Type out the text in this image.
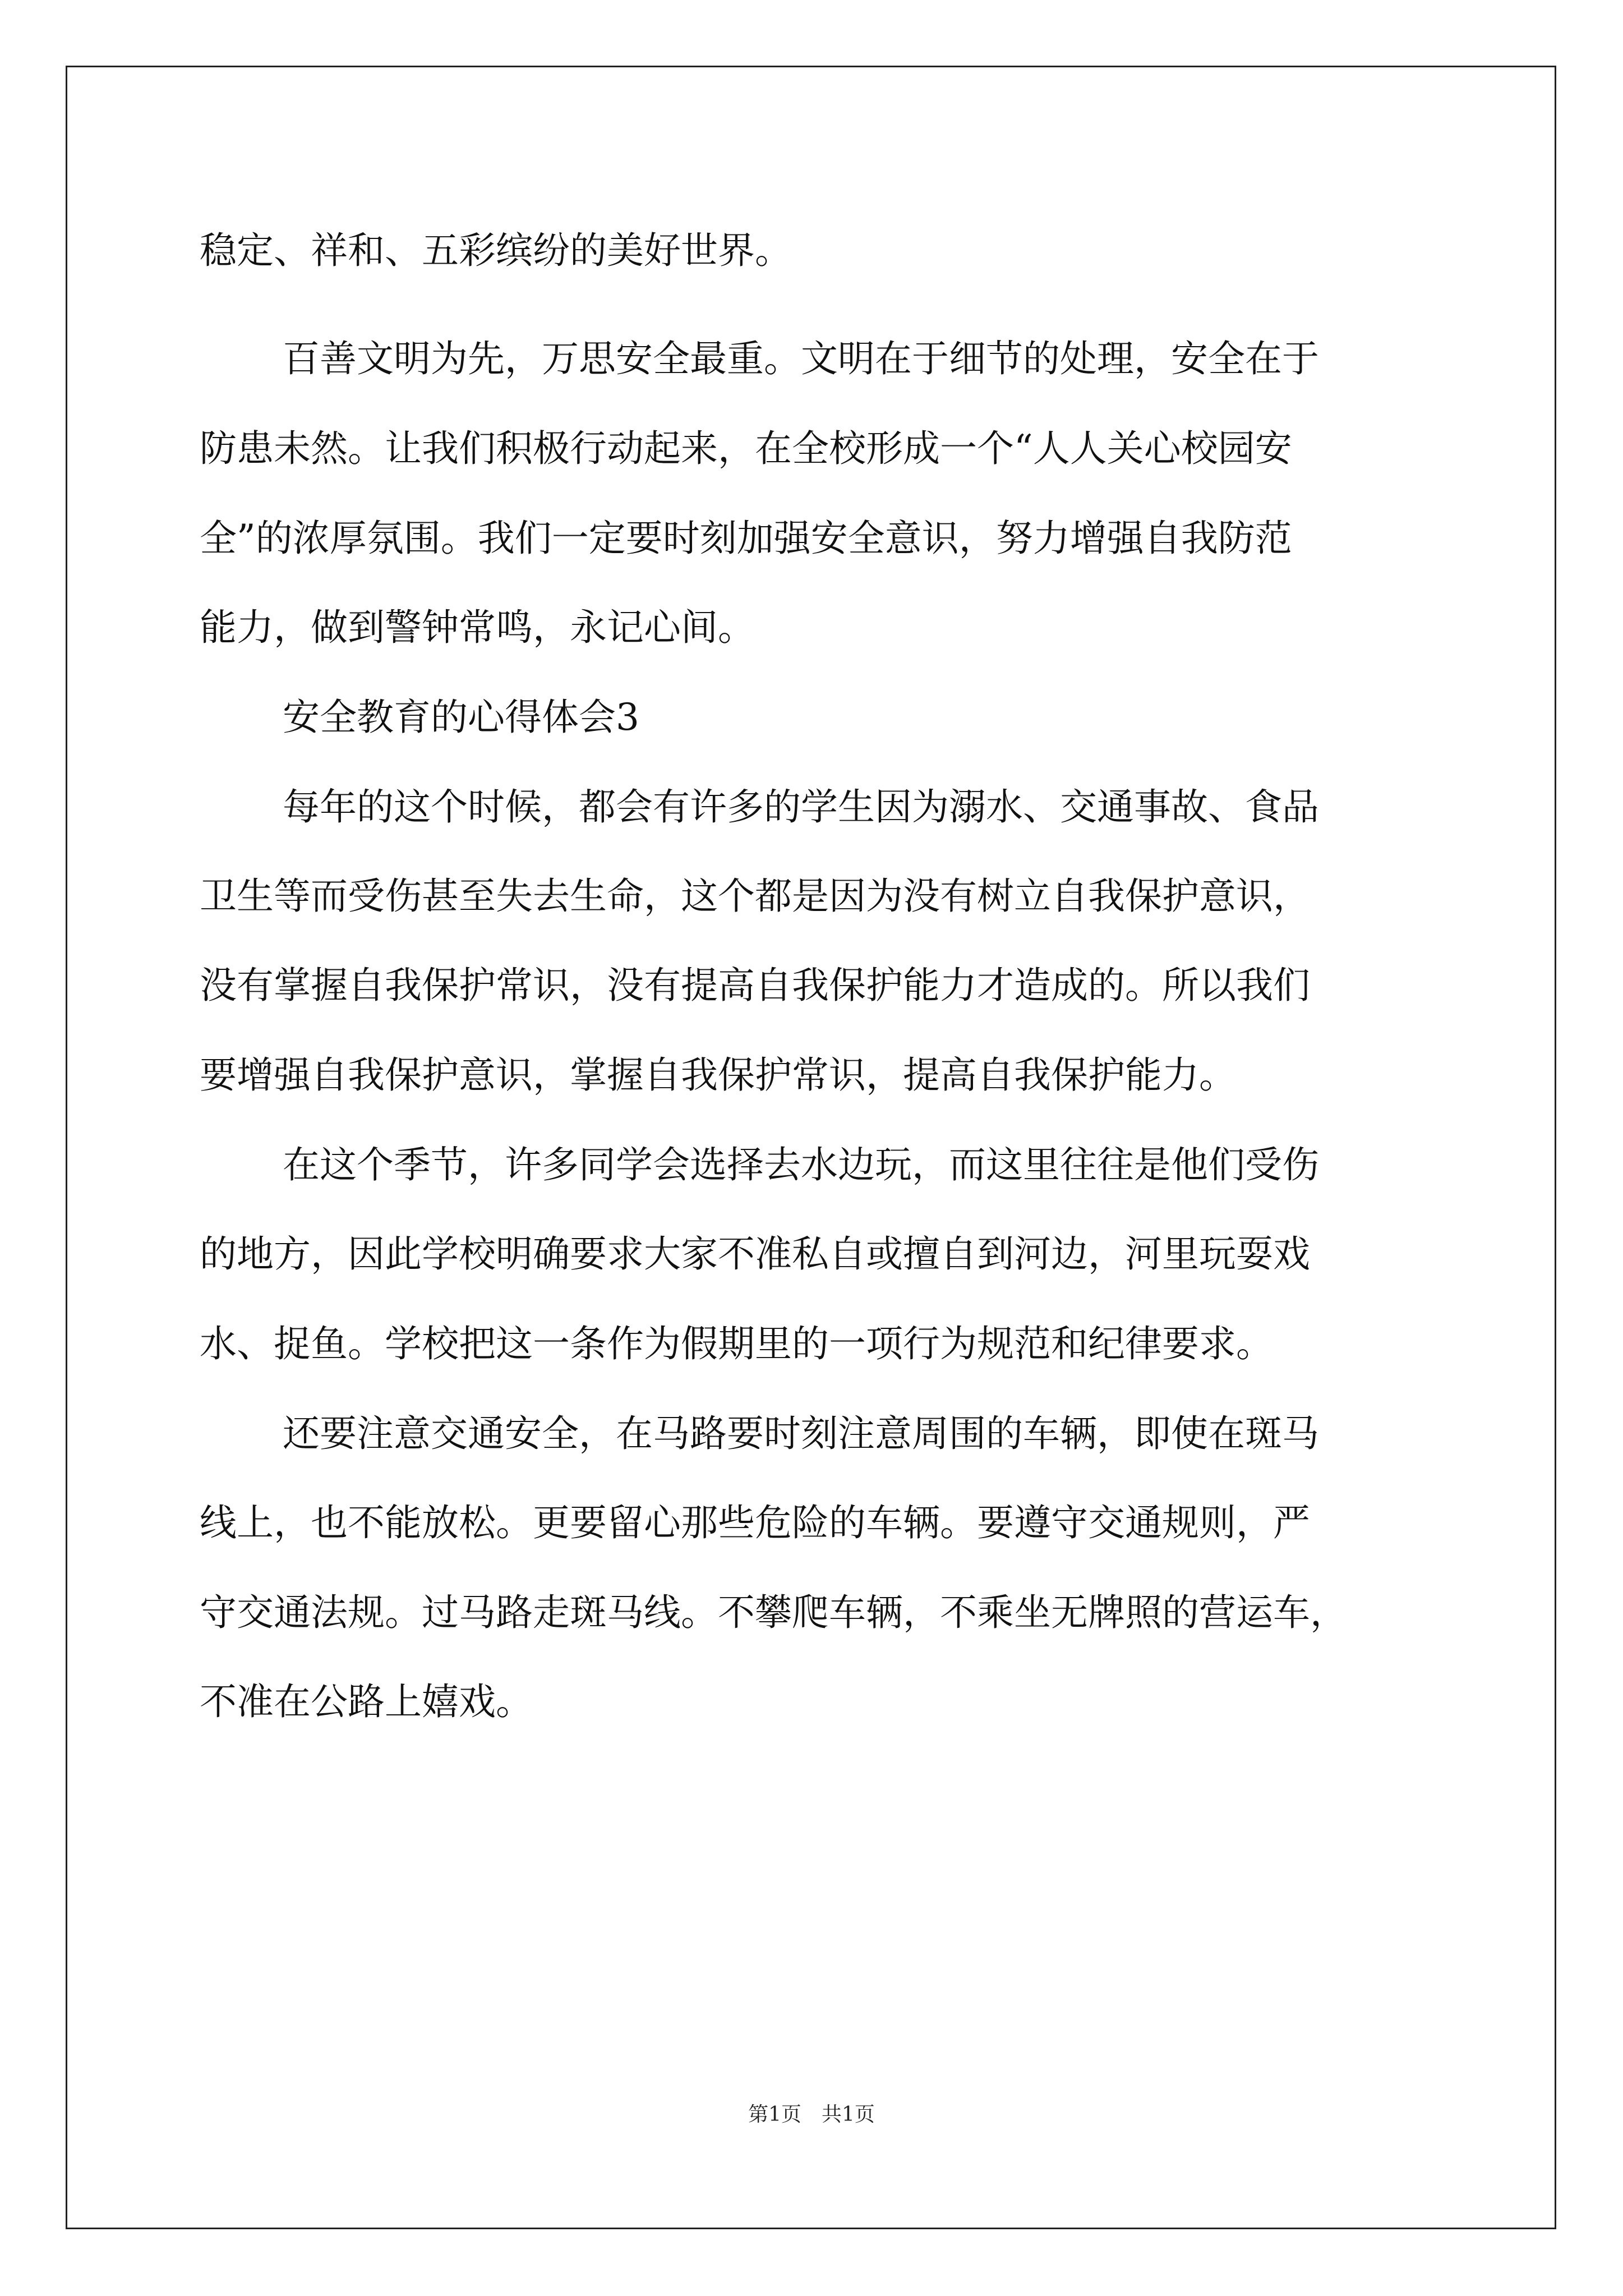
稳定、祥和、五彩缤纷的美好世界。
百善文明为先，万思安全最重。文明在于细节的处理，安全在于
防患未然。让我们积极行动起来，在全校形成一个“人人关心校园安
全”的浓厚氛围。我们一定要时刻加强安全意识，努力增强自我防范
能力，做到警钟常鸣，永记心间。
安全教育的心得体会3
每年的这个时候，都会有许多的学生因为溺水、交通事故、食品
卫生等而受伤甚至失去生命，这个都是因为没有树立自我保护意识，
没有掌握自我保护常识，没有提高自我保护能力才造成的。所以我们
要增强自我保护意识，掌握自我保护常识，提高自我保护能力。
在这个季节，许多同学会选择去水边玩，而这里往往是他们受伤
的地方，因此学校明确要求大家不准私自或擅自到河边，河里玩耍戏
水、捉鱼。学校把这一条作为假期里的一项行为规范和纪律要求。
还要注意交通安全，在马路要时刻注意周围的车辆，即使在斑马
线上，也不能放松。更要留心那些危险的车辆。要遵守交通规则，严
守交通法规。过马路走斑马线。不攀爬车辆，不乘坐无牌照的营运车，
不准在公路上嬉戏。
第1页　共1页
